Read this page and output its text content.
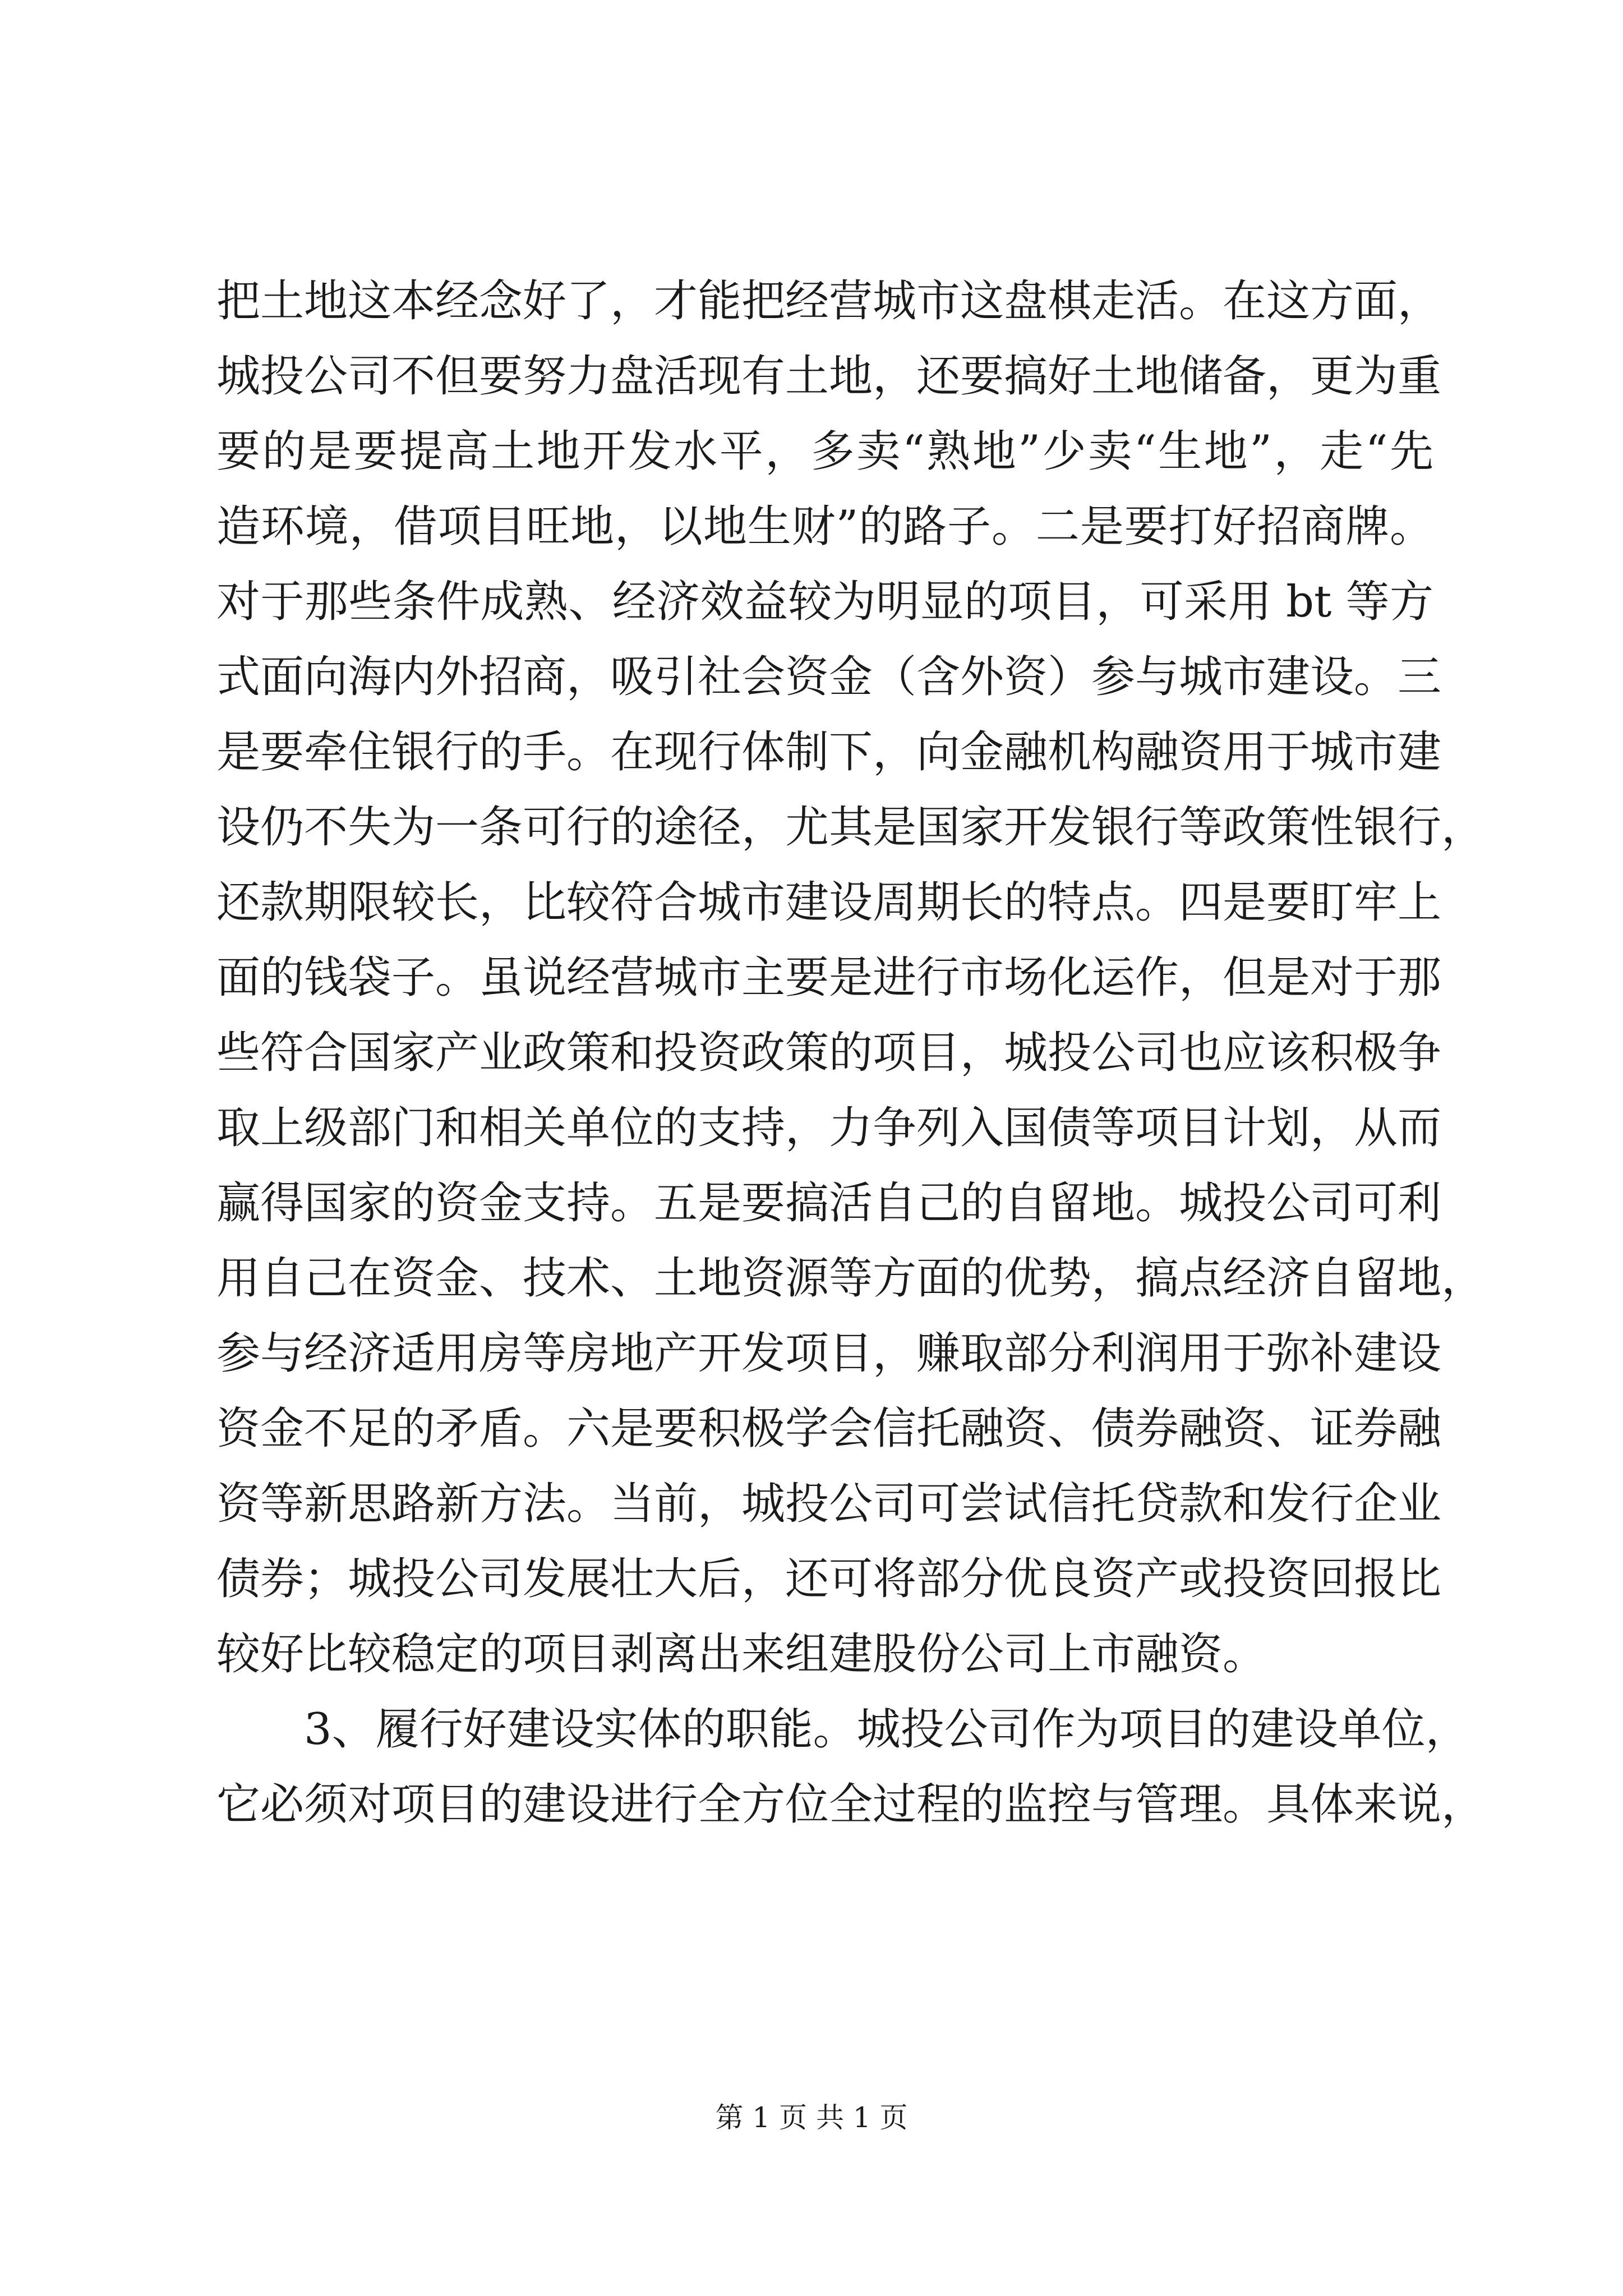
把土地这本经念好了，才能把经营城市这盘棋走活。在这方面，
城投公司不但要努力盘活现有土地，还要搞好土地储备，更为重
要的是要提高土地开发水平，多卖“熟地”少卖“生地”，走“先
造环境，借项目旺地，以地生财”的路子。二是要打好招商牌。
对于那些条件成熟、经济效益较为明显的项目，可采用 bt 等方
式面向海内外招商，吸引社会资金（含外资）参与城市建设。三
是要牵住银行的手。在现行体制下，向金融机构融资用于城市建
设仍不失为一条可行的途径，尤其是国家开发银行等政策性银行，
还款期限较长，比较符合城市建设周期长的特点。四是要盯牢上
面的钱袋子。虽说经营城市主要是进行市场化运作，但是对于那
些符合国家产业政策和投资政策的项目，城投公司也应该积极争
取上级部门和相关单位的支持，力争列入国债等项目计划，从而
赢得国家的资金支持。五是要搞活自己的自留地。城投公司可利
用自己在资金、技术、土地资源等方面的优势，搞点经济自留地，
参与经济适用房等房地产开发项目，赚取部分利润用于弥补建设
资金不足的矛盾。六是要积极学会信托融资、债券融资、证券融
资等新思路新方法。当前，城投公司可尝试信托贷款和发行企业
债券；城投公司发展壮大后，还可将部分优良资产或投资回报比
较好比较稳定的项目剥离出来组建股份公司上市融资。
3、履行好建设实体的职能。城投公司作为项目的建设单位，
它必须对项目的建设进行全方位全过程的监控与管理。具体来说，
第 1 页 共 1 页
